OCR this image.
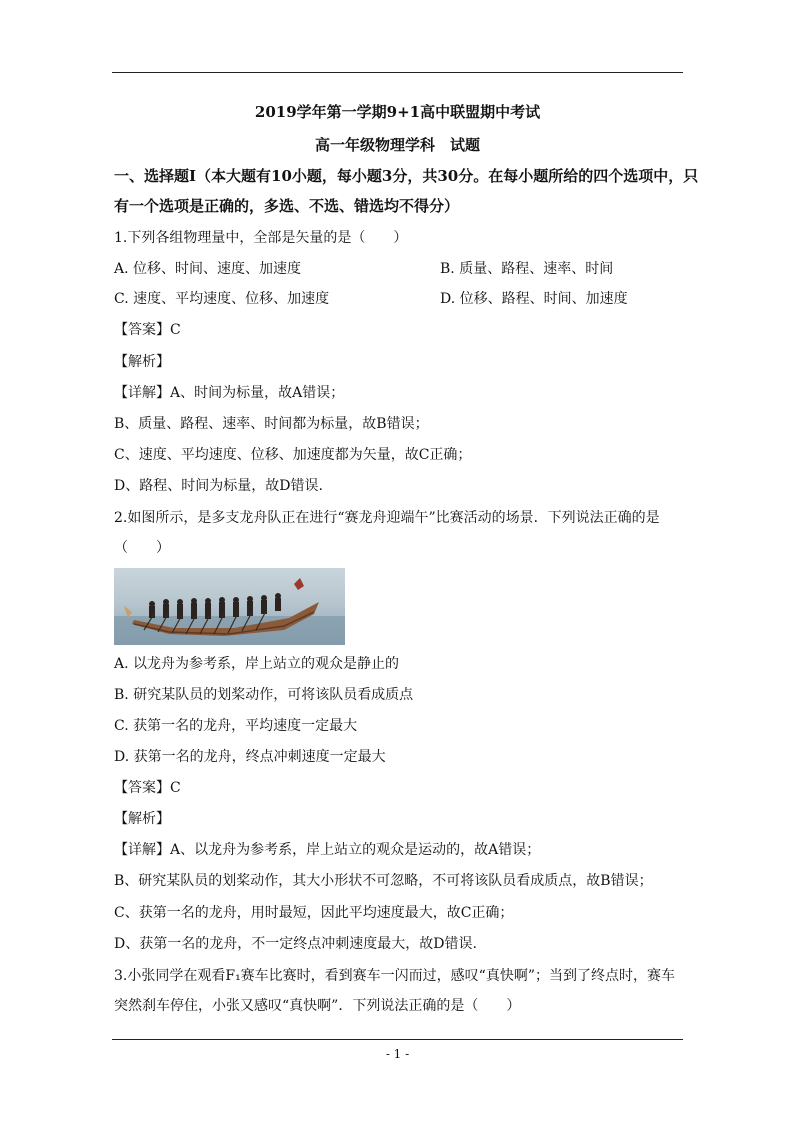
2019学年第一学期9+1高中联盟期中考试
高一年级物理学科　试题
一、选择题Ⅰ（本大题有10小题，每小题3分，共30分。在每小题所给的四个选项中，只
有一个选项是正确的，多选、不选、错选均不得分）
1.下列各组物理量中，全部是矢量的是（　　）
A. 位移、时间、速度、加速度	B. 质量、路程、速率、时间
C. 速度、平均速度、位移、加速度	D. 位移、路程、时间、加速度
【答案】C
【解析】
【详解】A、时间为标量，故A错误；
B、质量、路程、速率、时间都为标量，故B错误；
C、速度、平均速度、位移、加速度都为矢量，故C正确；
D、路程、时间为标量，故D错误.
2.如图所示，是多支龙舟队正在进行“赛龙舟迎端午”比赛活动的场景．下列说法正确的是
（　　）
A. 以龙舟为参考系，岸上站立的观众是静止的
B. 研究某队员的划桨动作，可将该队员看成质点
C. 获第一名的龙舟，平均速度一定最大
D. 获第一名的龙舟，终点冲刺速度一定最大
【答案】C
【解析】
【详解】A、以龙舟为参考系，岸上站立的观众是运动的，故A错误；
B、研究某队员的划桨动作，其大小形状不可忽略，不可将该队员看成质点，故B错误；
C、获第一名的龙舟，用时最短，因此平均速度最大，故C正确；
D、获第一名的龙舟，不一定终点冲刺速度最大，故D错误.
3.小张同学在观看F₁赛车比赛时，看到赛车一闪而过，感叹“真快啊”；当到了终点时，赛车
突然刹车停住，小张又感叹“真快啊”．下列说法正确的是（　　）
- 1 -
